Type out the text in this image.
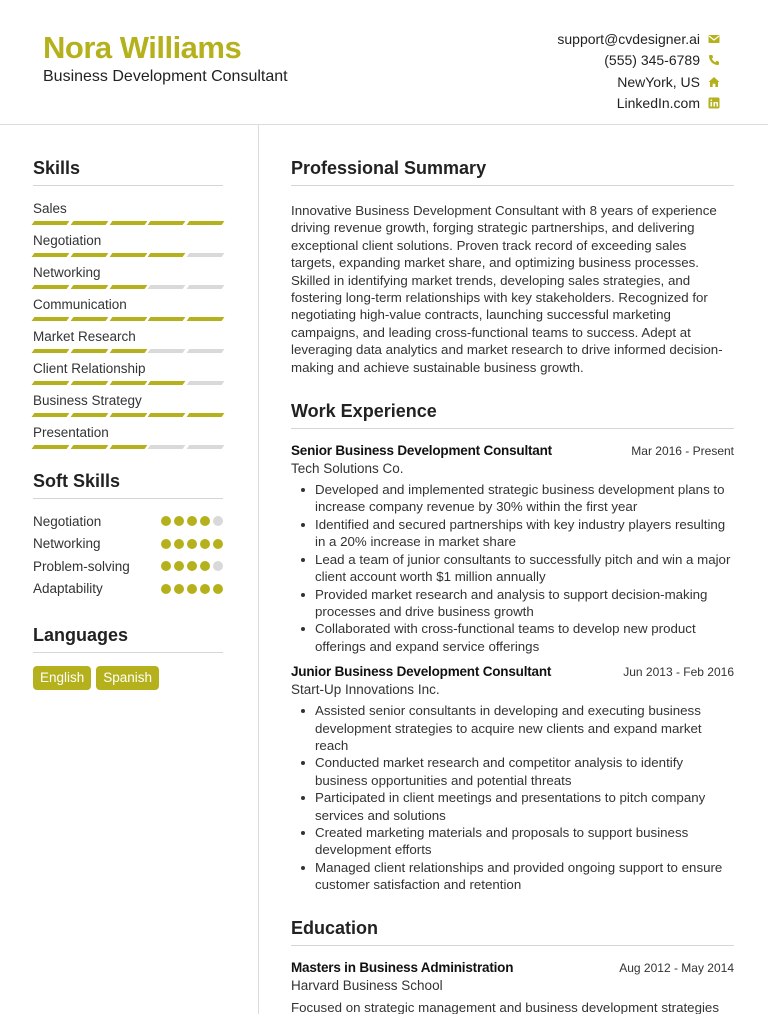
Nora Williams
Business Development Consultant
support@cvdesigner.ai
(555) 345-6789
NewYork, US
LinkedIn.com
Skills
Sales
Negotiation
Networking
Communication
Market Research
Client Relationship
Business Strategy
Presentation
Soft Skills
Negotiation
Networking
Problem-solving
Adaptability
Languages
English	Spanish
Professional Summary

Innovative Business Development Consultant with 8 years of experience driving revenue growth, forging strategic partnerships, and delivering exceptional client solutions. Proven track record of exceeding sales targets, expanding market share, and optimizing business processes. Skilled in identifying market trends, developing sales strategies, and fostering long-term relationships with key stakeholders. Recognized for negotiating high-value contracts, launching successful marketing campaigns, and leading cross-functional teams to success. Adept at leveraging data analytics and market research to drive informed decision-making and achieve sustainable business growth.

Work Experience
Senior Business Development Consultant	Mar 2016 - Present
Tech Solutions Co.
Developed and implemented strategic business development plans to increase company revenue by 30% within the first year
Identified and secured partnerships with key industry players resulting in a 20% increase in market share
Lead a team of junior consultants to successfully pitch and win a major client account worth $1 million annually
Provided market research and analysis to support decision-making processes and drive business growth
Collaborated with cross-functional teams to develop new product offerings and expand service offerings
Junior Business Development Consultant	Jun 2013 - Feb 2016
Start-Up Innovations Inc.
Assisted senior consultants in developing and executing business development strategies to acquire new clients and expand market reach
Conducted market research and competitor analysis to identify business opportunities and potential threats
Participated in client meetings and presentations to pitch company services and solutions
Created marketing materials and proposals to support business development efforts
Managed client relationships and provided ongoing support to ensure customer satisfaction and retention
Education
Masters in Business Administration	Aug 2012 - May 2014
Harvard Business School

Focused on strategic management and business development strategies
